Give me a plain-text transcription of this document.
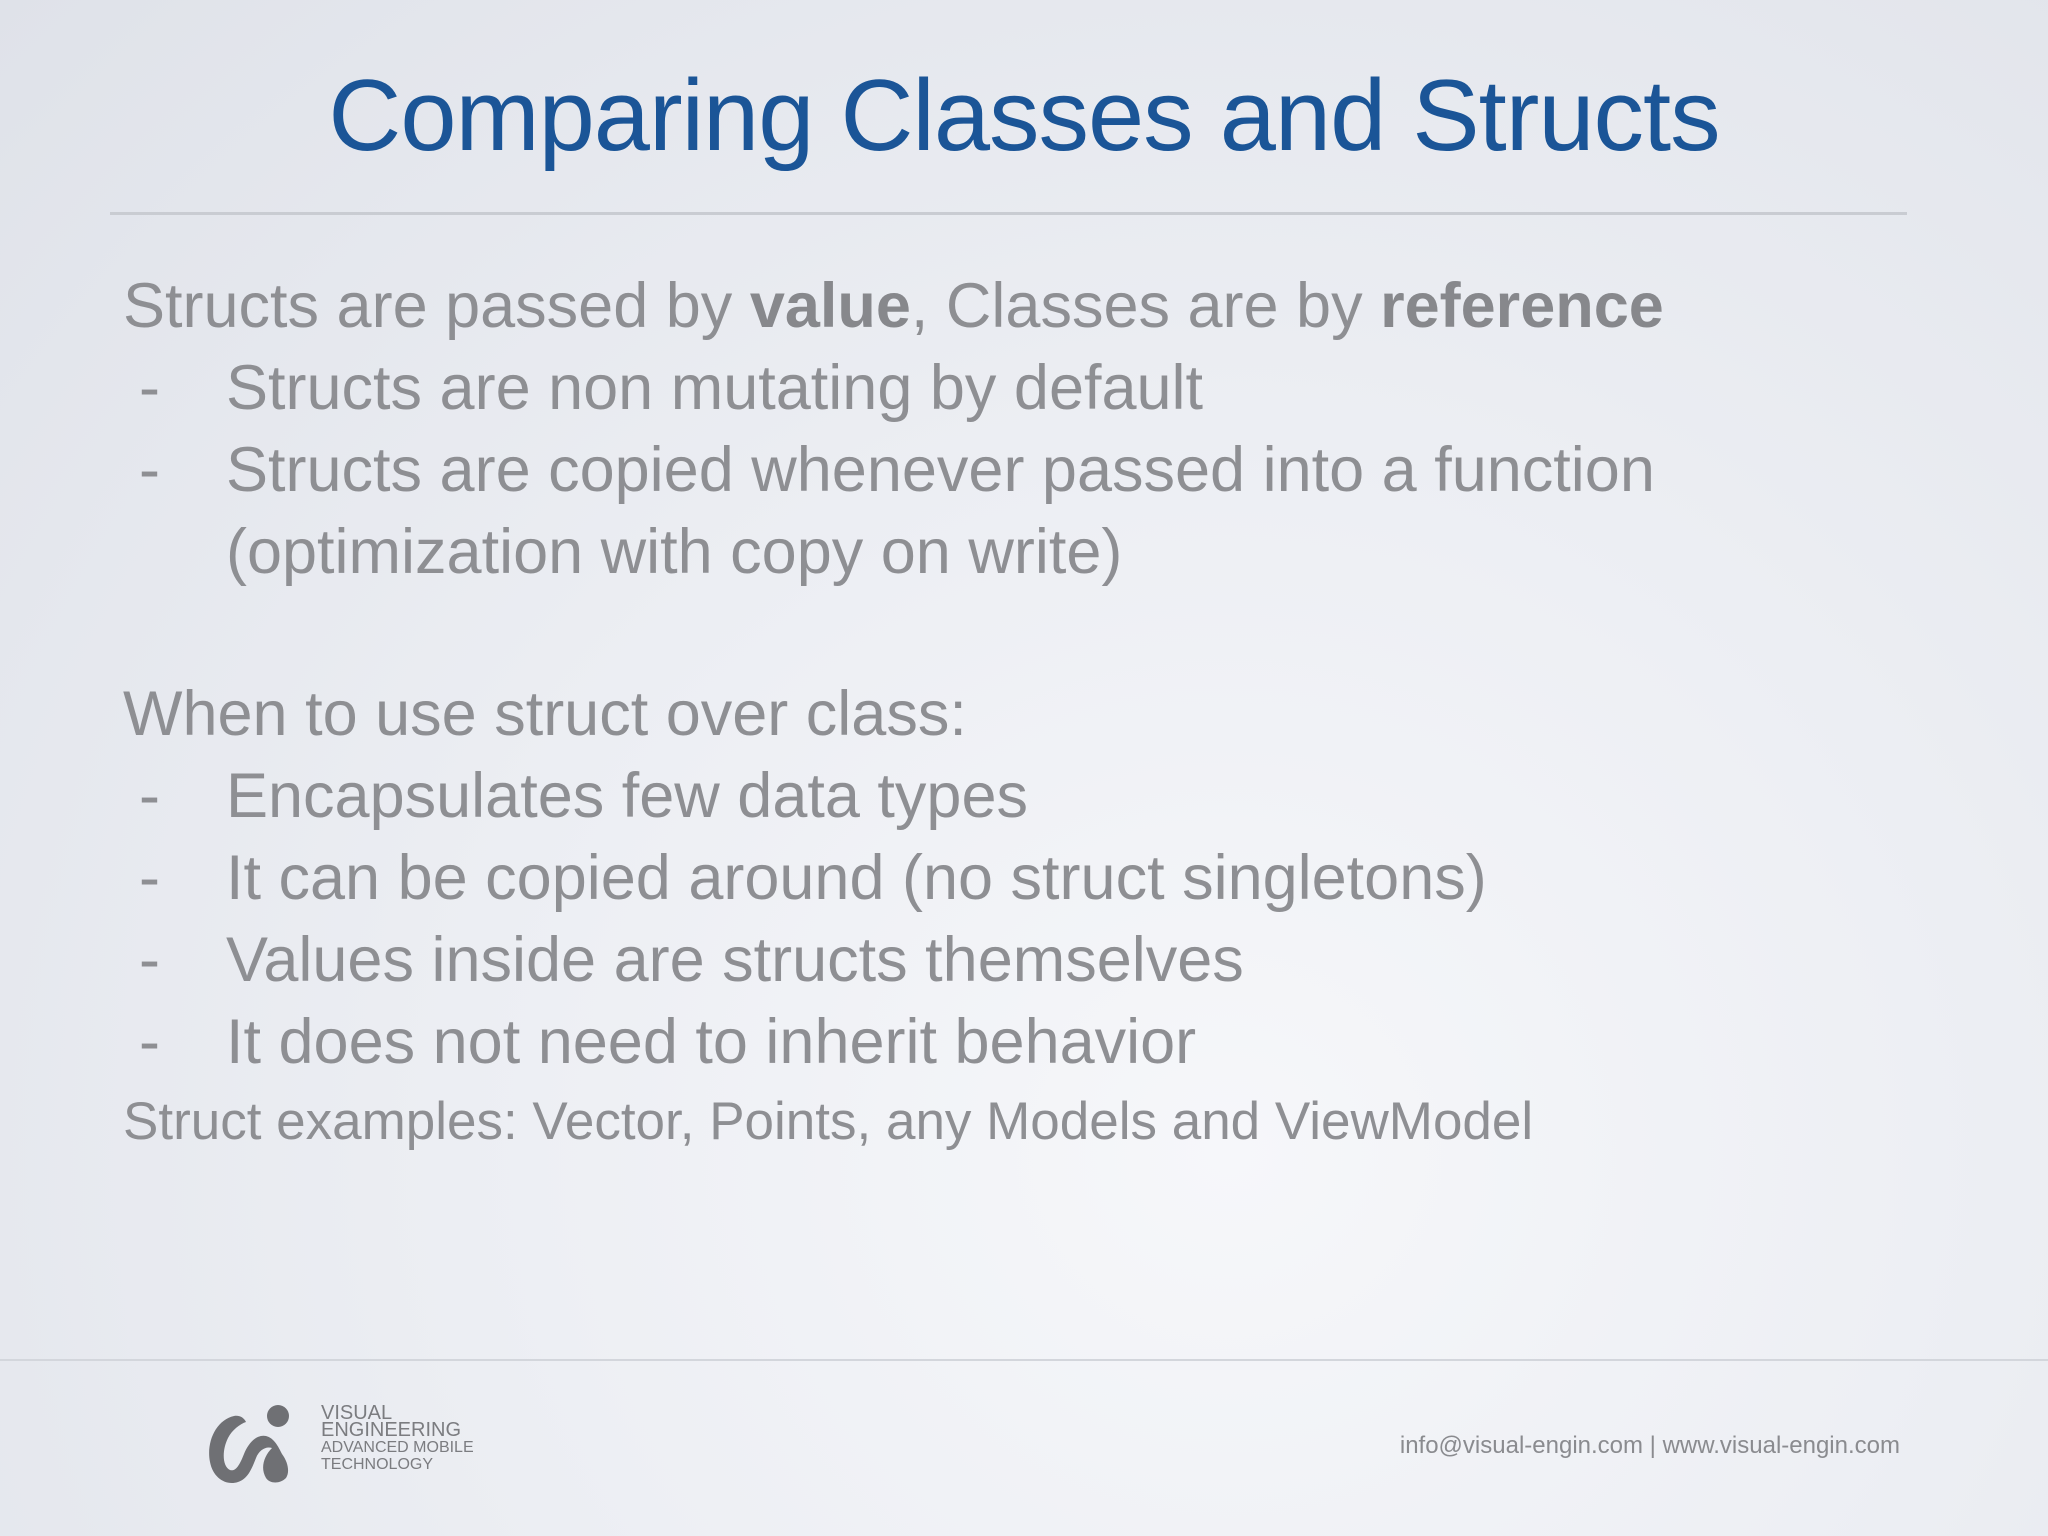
Comparing Classes and Structs
Structs are passed by value, Classes are by reference
- Structs are non mutating by default
- Structs are copied whenever passed into a function
(optimization with copy on write)
When to use struct over class:
- Encapsulates few data types
- It can be copied around (no struct singletons)
- Values inside are structs themselves
- It does not need to inherit behavior
Struct examples: Vector, Points, any Models and ViewModel
VISUAL
ENGINEERING
ADVANCED MOBILE
TECHNOLOGY
info@visual-engin.com | www.visual-engin.com
